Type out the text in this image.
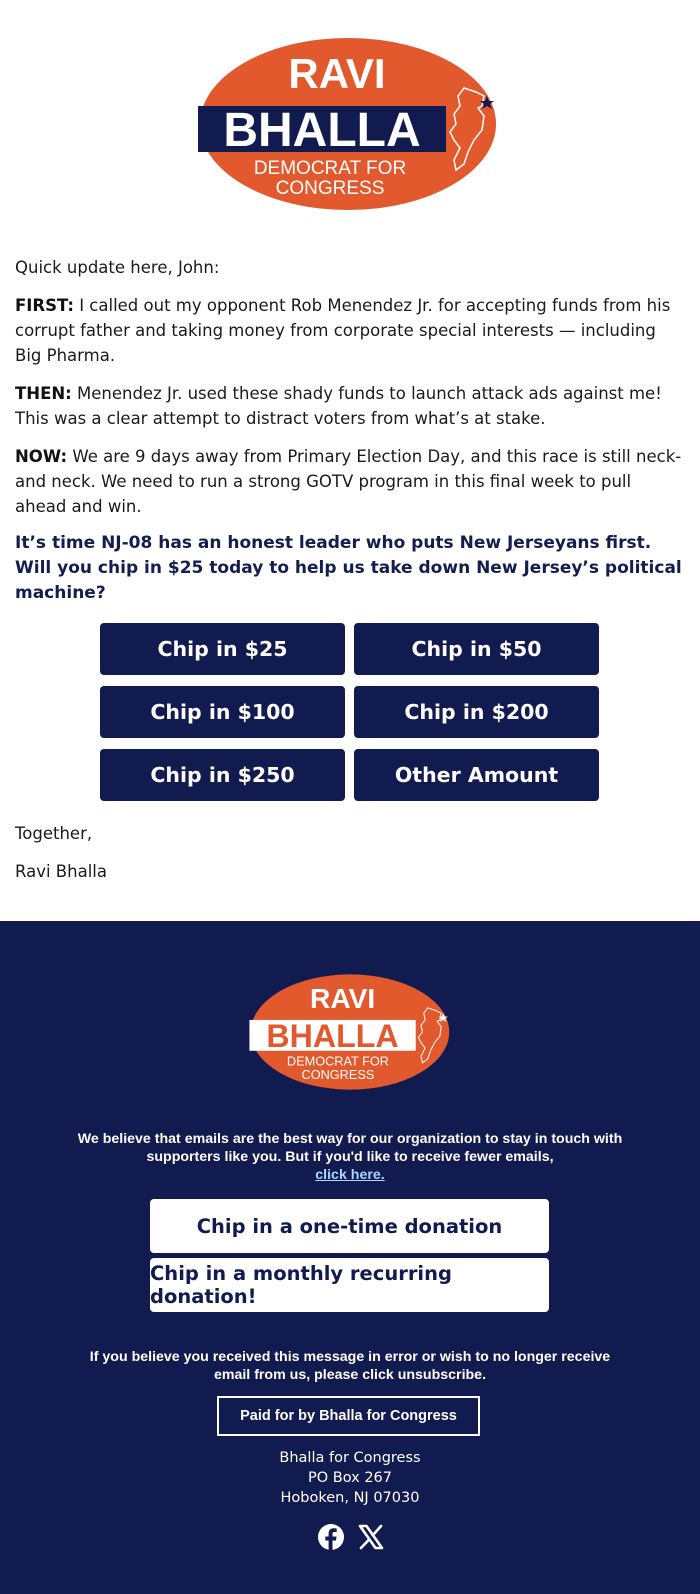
RAVI
BHALLA
DEMOCRAT FOR
CONGRESS
Quick update here, John:
FIRST: I called out my opponent Rob Menendez Jr. for accepting funds from his corrupt father and taking money from corporate special interests — including Big Pharma.
THEN: Menendez Jr. used these shady funds to launch attack ads against me! This was a clear attempt to distract voters from what’s at stake.
NOW: We are 9 days away from Primary Election Day, and this race is still neck-and neck. We need to run a strong GOTV program in this final week to pull ahead and win.
It’s time NJ-08 has an honest leader who puts New Jerseyans first. Will you chip in $25 today to help us take down New Jersey’s political machine?
Chip in $25	Chip in $50
Chip in $100	Chip in $200
Chip in $250	Other Amount
Together,
Ravi Bhalla
RAVI
BHALLA
DEMOCRAT FOR
CONGRESS
We believe that emails are the best way for our organization to stay in touch with supporters like you. But if you'd like to receive fewer emails,
click here.
Chip in a one-time donation
Chip in a monthly recurring donation!
If you believe you received this message in error or wish to no longer receive email from us, please click unsubscribe.
Paid for by Bhalla for Congress
Bhalla for Congress
PO Box 267
Hoboken, NJ 07030
